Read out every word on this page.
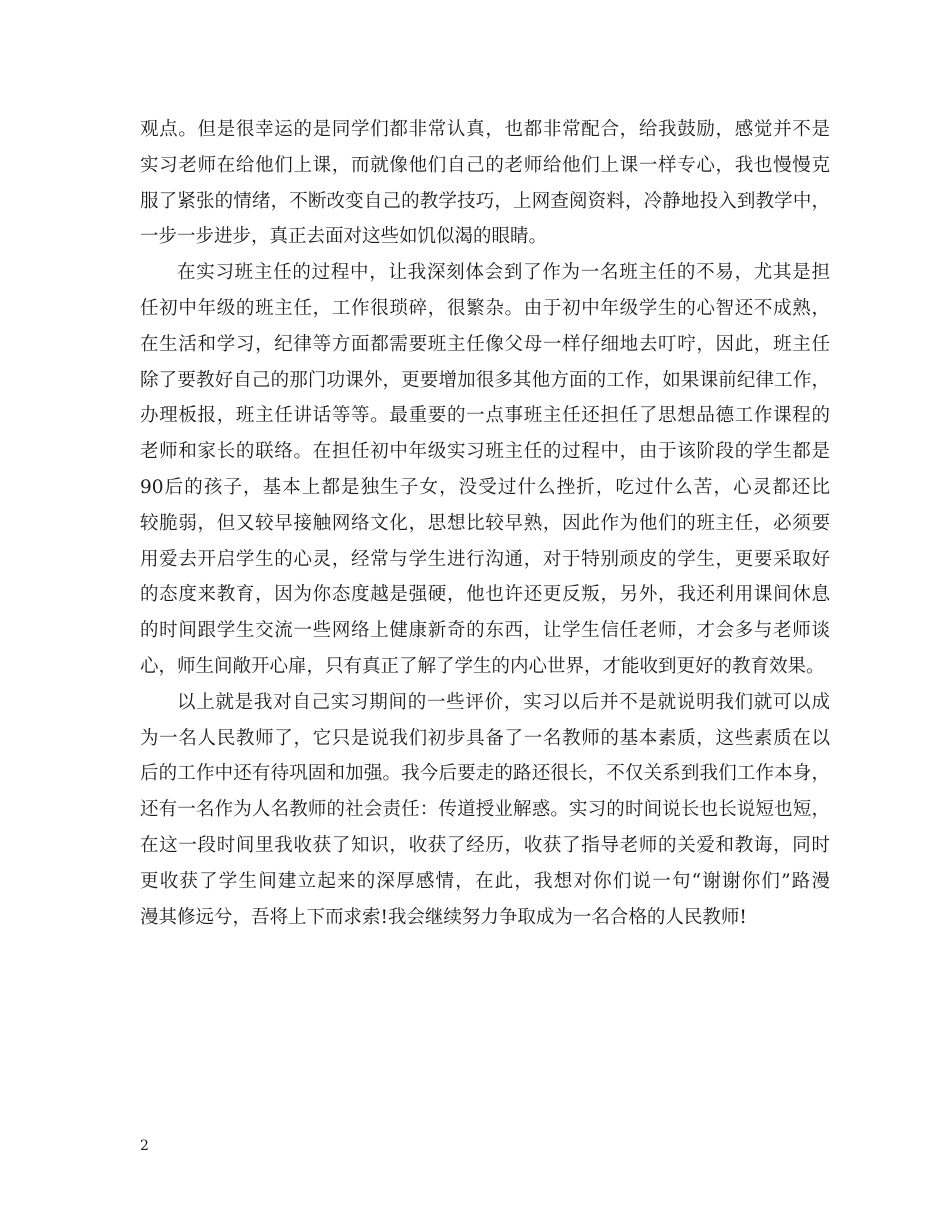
观点。但是很幸运的是同学们都非常认真，也都非常配合，给我鼓励，感觉并不是
实习老师在给他们上课，而就像他们自己的老师给他们上课一样专心，我也慢慢克
服了紧张的情绪，不断改变自己的教学技巧，上网查阅资料，冷静地投入到教学中，
一步一步进步，真正去面对这些如饥似渴的眼睛。
在实习班主任的过程中，让我深刻体会到了作为一名班主任的不易，尤其是担
任初中年级的班主任，工作很琐碎，很繁杂。由于初中年级学生的心智还不成熟，
在生活和学习，纪律等方面都需要班主任像父母一样仔细地去叮咛，因此，班主任
除了要教好自己的那门功课外，更要增加很多其他方面的工作，如果课前纪律工作，
办理板报，班主任讲话等等。最重要的一点事班主任还担任了思想品德工作课程的
老师和家长的联络。在担任初中年级实习班主任的过程中，由于该阶段的学生都是
90后的孩子，基本上都是独生子女，没受过什么挫折，吃过什么苦，心灵都还比
较脆弱，但又较早接触网络文化，思想比较早熟，因此作为他们的班主任，必须要
用爱去开启学生的心灵，经常与学生进行沟通，对于特别顽皮的学生，更要采取好
的态度来教育，因为你态度越是强硬，他也许还更反叛，另外，我还利用课间休息
的时间跟学生交流一些网络上健康新奇的东西，让学生信任老师，才会多与老师谈
心，师生间敞开心扉，只有真正了解了学生的内心世界，才能收到更好的教育效果。
以上就是我对自己实习期间的一些评价，实习以后并不是就说明我们就可以成
为一名人民教师了，它只是说我们初步具备了一名教师的基本素质，这些素质在以
后的工作中还有待巩固和加强。我今后要走的路还很长，不仅关系到我们工作本身，
还有一名作为人名教师的社会责任：传道授业解惑。实习的时间说长也长说短也短，
在这一段时间里我收获了知识，收获了经历，收获了指导老师的关爱和教诲，同时
更收获了学生间建立起来的深厚感情，在此，我想对你们说一句“谢谢你们”路漫
漫其修远兮，吾将上下而求索!我会继续努力争取成为一名合格的人民教师!
2
